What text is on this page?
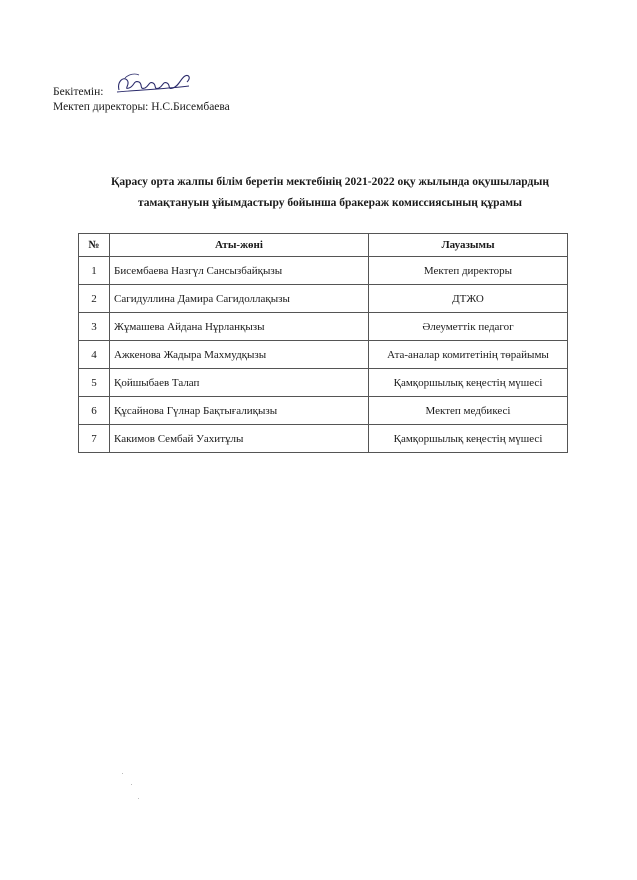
Бекітемін:
Мектеп директоры: Н.С.Бисембаева
Қарасу орта жалпы білім беретін мектебінің 2021-2022 оқу жылында оқушылардың
тамақтануын ұйымдастыру бойынша бракераж комиссиясының құрамы
№	Аты-жөні	Лауазымы
1	Бисембаева Назгүл Сансызбайқызы	Мектеп директоры
2	Сагидуллина Дамира Сагидоллақызы	ДТЖО
3	Жұмашева Айдана Нұрланқызы	Әлеуметтік педагог
4	Ажкенова Жадыра Махмудқызы	Ата-аналар комитетінің төрайымы
5	Қойшыбаев Талап	Қамқоршылық кеңестің мүшесі
6	Құсайнова Гүлнар Бақтығалиқызы	Мектеп медбикесі
7	Какимов Сембай Уахитұлы	Қамқоршылық кеңестің мүшесі
